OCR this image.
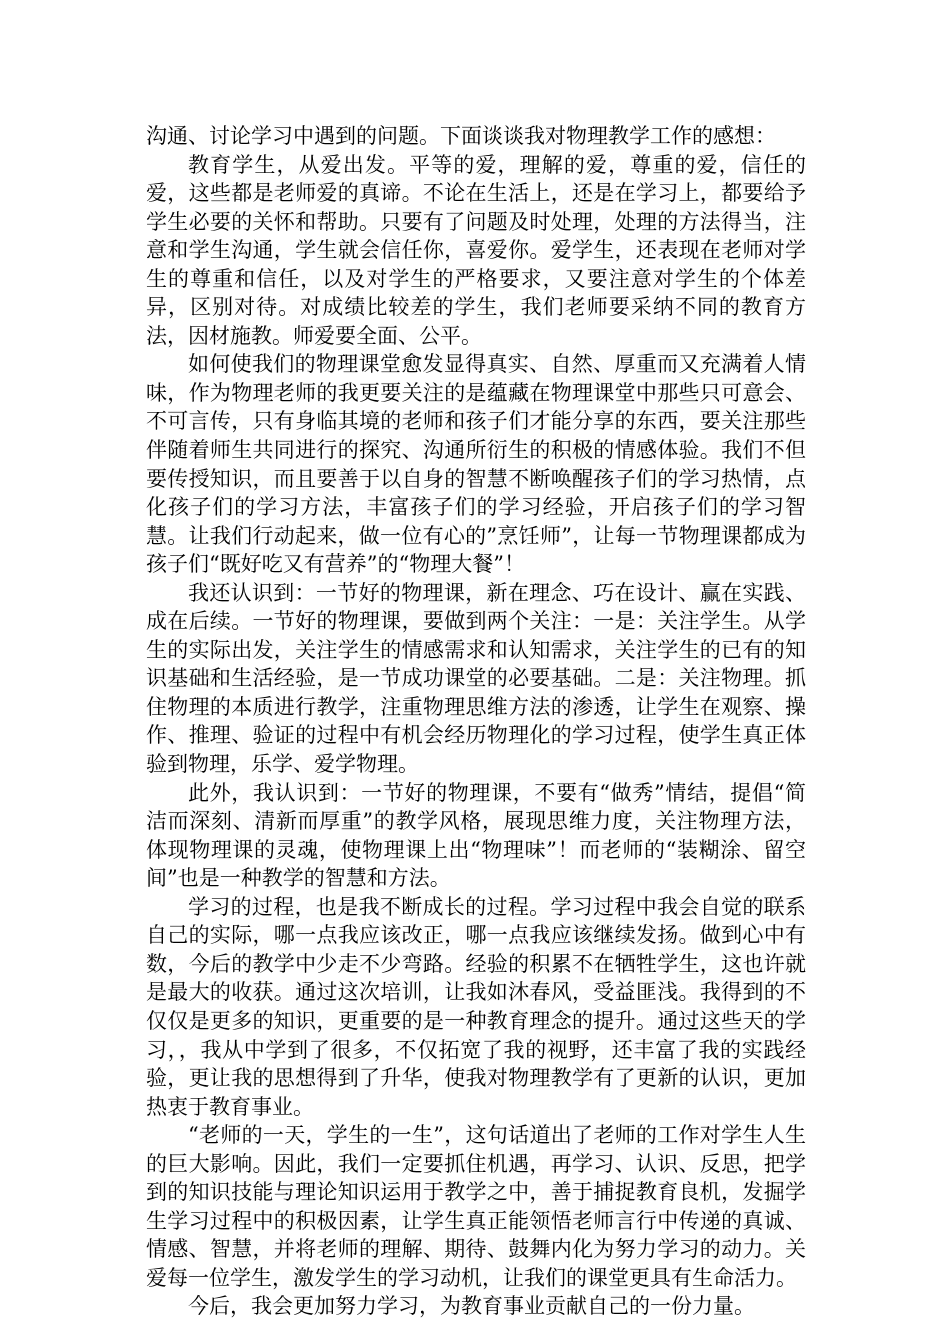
沟通、讨论学习中遇到的问题。下面谈谈我对物理教学工作的感想：

教育学生，从爱出发。平等的爱，理解的爱，尊重的爱，信任的爱，这些都是老师爱的真谛。不论在生活上，还是在学习上，都要给予学生必要的关怀和帮助。只要有了问题及时处理，处理的方法得当，注意和学生沟通，学生就会信任你，喜爱你。爱学生，还表现在老师对学生的尊重和信任，以及对学生的严格要求，又要注意对学生的个体差异，区别对待。对成绩比较差的学生，我们老师要采纳不同的教育方法，因材施教。师爱要全面、公平。

如何使我们的物理课堂愈发显得真实、自然、厚重而又充满着人情味，作为物理老师的我更要关注的是蕴藏在物理课堂中那些只可意会、不可言传，只有身临其境的老师和孩子们才能分享的东西，要关注那些伴随着师生共同进行的探究、沟通所衍生的积极的情感体验。我们不但要传授知识，而且要善于以自身的智慧不断唤醒孩子们的学习热情，点化孩子们的学习方法，丰富孩子们的学习经验，开启孩子们的学习智慧。让我们行动起来，做一位有心的”烹饪师”，让每一节物理课都成为孩子们“既好吃又有营养”的“物理大餐”！

我还认识到：一节好的物理课，新在理念、巧在设计、赢在实践、成在后续。一节好的物理课，要做到两个关注：一是：关注学生。从学生的实际出发，关注学生的情感需求和认知需求，关注学生的已有的知识基础和生活经验，是一节成功课堂的必要基础。二是：关注物理。抓住物理的本质进行教学，注重物理思维方法的渗透，让学生在观察、操作、推理、验证的过程中有机会经历物理化的学习过程，使学生真正体验到物理，乐学、爱学物理。

此外，我认识到：一节好的物理课，不要有“做秀”情结，提倡“简洁而深刻、清新而厚重”的教学风格，展现思维力度，关注物理方法，体现物理课的灵魂，使物理课上出“物理味”！而老师的“装糊涂、留空间”也是一种教学的智慧和方法。

学习的过程，也是我不断成长的过程。学习过程中我会自觉的联系自己的实际，哪一点我应该改正，哪一点我应该继续发扬。做到心中有数，今后的教学中少走不少弯路。经验的积累不在牺牲学生，这也许就是最大的收获。通过这次培训，让我如沐春风，受益匪浅。我得到的不仅仅是更多的知识，更重要的是一种教育理念的提升。通过这些天的学习，，我从中学到了很多，不仅拓宽了我的视野，还丰富了我的实践经验，更让我的思想得到了升华，使我对物理教学有了更新的认识，更加热衷于教育事业。

“老师的一天，学生的一生”，这句话道出了老师的工作对学生人生的巨大影响。因此，我们一定要抓住机遇，再学习、认识、反思，把学到的知识技能与理论知识运用于教学之中，善于捕捉教育良机，发掘学生学习过程中的积极因素，让学生真正能领悟老师言行中传递的真诚、情感、智慧，并将老师的理解、期待、鼓舞内化为努力学习的动力。关爱每一位学生，激发学生的学习动机，让我们的课堂更具有生命活力。

今后，我会更加努力学习，为教育事业贡献自己的一份力量。
